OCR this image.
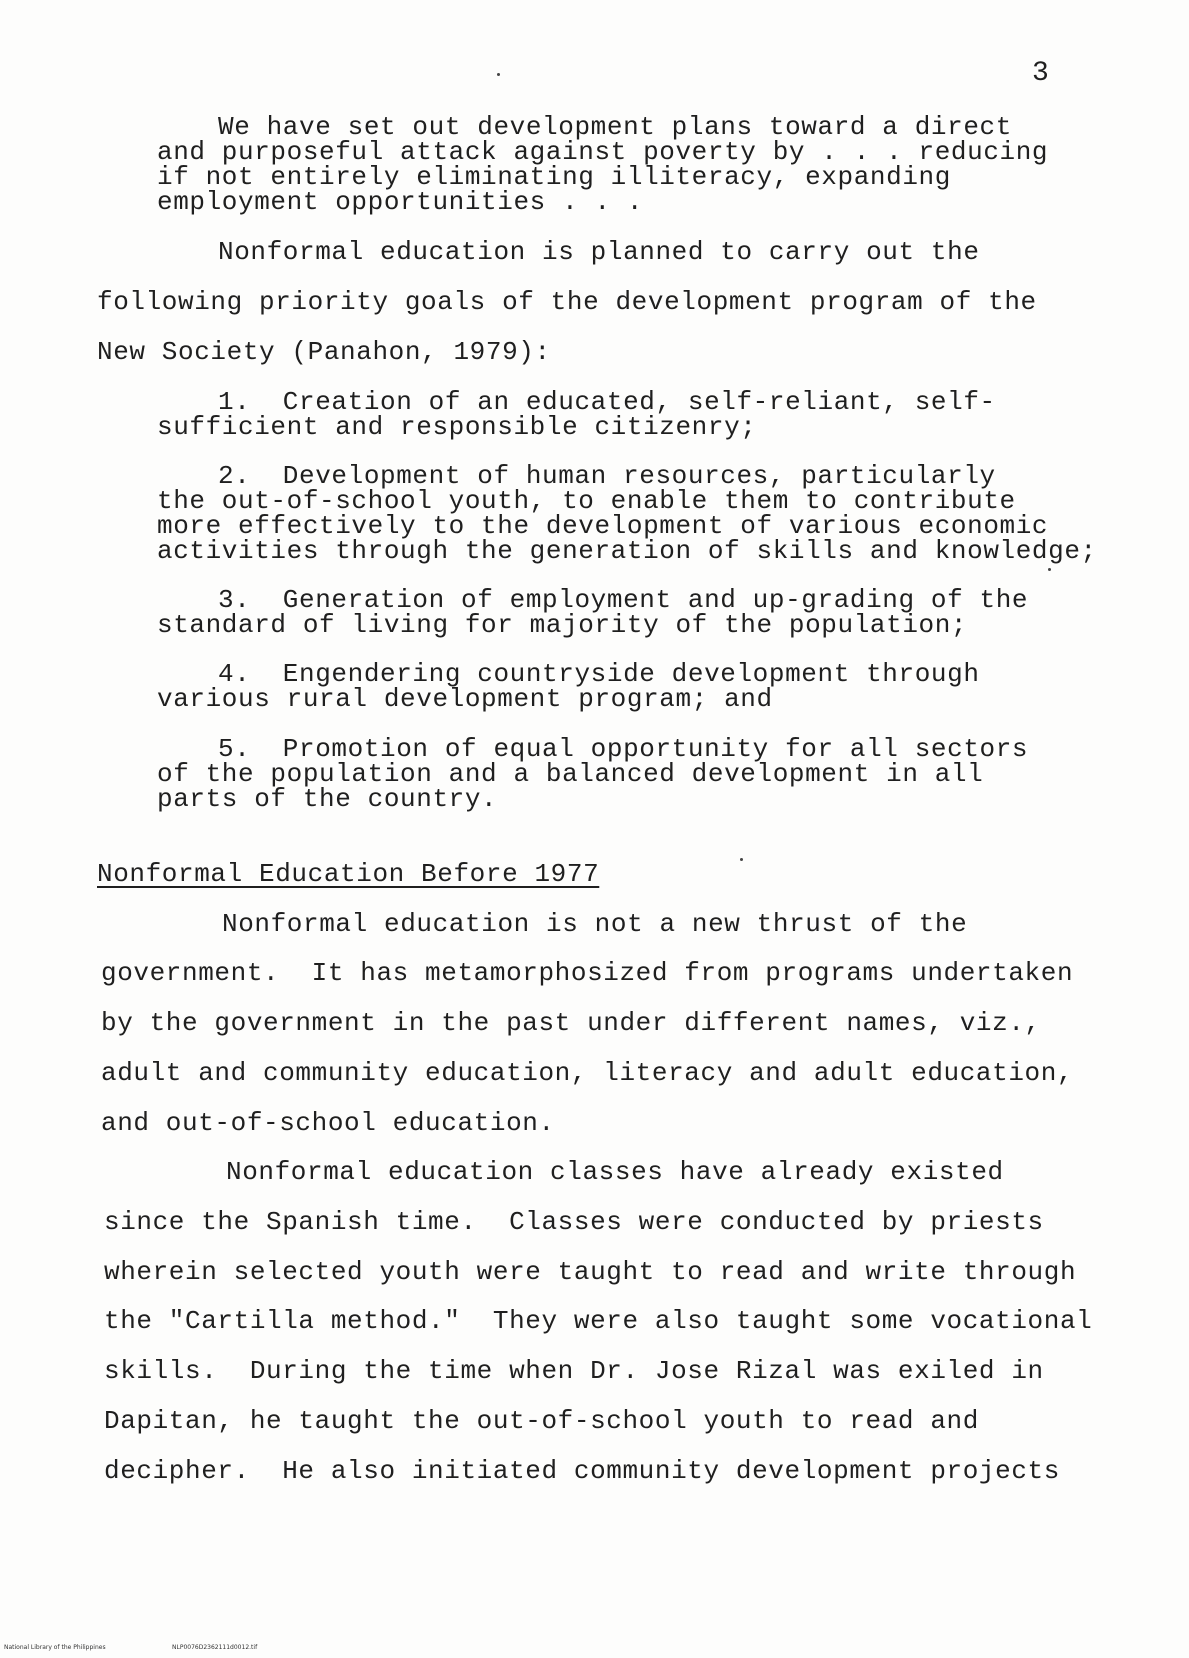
3
We have set out development plans toward a direct
and purposeful attack against poverty by . . . reducing
if not entirely eliminating illiteracy, expanding
employment opportunities . . .
Nonformal education is planned to carry out the
following priority goals of the development program of the
New Society (Panahon, 1979):
1.  Creation of an educated, self-reliant, self-
sufficient and responsible citizenry;
2.  Development of human resources, particularly
the out-of-school youth, to enable them to contribute
more effectively to the development of various economic
activities through the generation of skills and knowledge;
3.  Generation of employment and up-grading of the
standard of living for majority of the population;
4.  Engendering countryside development through
various rural development program; and
5.  Promotion of equal opportunity for all sectors
of the population and a balanced development in all
parts of the country.
Nonformal Education Before 1977
Nonformal education is not a new thrust of the
government.  It has metamorphosized from programs undertaken
by the government in the past under different names, viz.,
adult and community education, literacy and adult education,
and out-of-school education.
Nonformal education classes have already existed
since the Spanish time.  Classes were conducted by priests
wherein selected youth were taught to read and write through
the "Cartilla method."  They were also taught some vocational
skills.  During the time when Dr. Jose Rizal was exiled in
Dapitan, he taught the out-of-school youth to read and
decipher.  He also initiated community development projects
National Library of the Philippines	NLP0076D2362111d0012.tif
